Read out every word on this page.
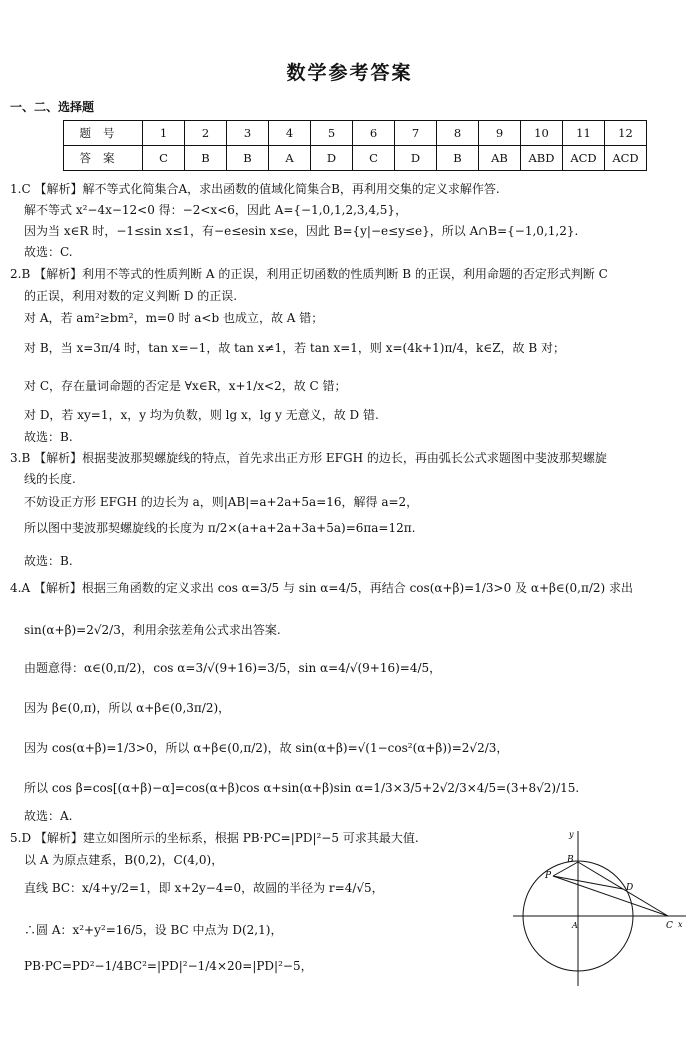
数学参考答案
一、二、选择题
题号	1	2	3	4	5	6	7	8	9	10	11	12
答案	C	B	B	A	D	C	D	B	AB	ABD	ACD	ACD
1.C 【解析】解不等式化简集合A，求出函数的值域化简集合B，再利用交集的定义求解作答.
解不等式 x²−4x−12<0 得：−2<x<6，因此 A={−1,0,1,2,3,4,5}，
因为当 x∈R 时，−1≤sin x≤1，有−e≤esin x≤e，因此 B={y|−e≤y≤e}，所以 A∩B={−1,0,1,2}.
故选：C.
2.B 【解析】利用不等式的性质判断 A 的正误，利用正切函数的性质判断 B 的正误，利用命题的否定形式判断 C
的正误，利用对数的定义判断 D 的正误.
对 A，若 am²≥bm²，m=0 时 a<b 也成立，故 A 错；
对 B，当 x=3π/4 时，tan x=−1，故 tan x≠1，若 tan x=1，则 x=(4k+1)π/4，k∈Z，故 B 对；
对 C，存在量词命题的否定是 ∀x∈R，x+1/x<2，故 C 错；
对 D，若 xy=1，x，y 均为负数，则 lg x，lg y 无意义，故 D 错.
故选：B.
3.B 【解析】根据斐波那契螺旋线的特点，首先求出正方形 EFGH 的边长，再由弧长公式求题图中斐波那契螺旋
线的长度.
不妨设正方形 EFGH 的边长为 a，则|AB|=a+2a+5a=16，解得 a=2，
所以图中斐波那契螺旋线的长度为 π/2×(a+a+2a+3a+5a)=6πa=12π.
故选：B.
4.A 【解析】根据三角函数的定义求出 cos α=3/5 与 sin α=4/5，再结合 cos(α+β)=1/3>0 及 α+β∈(0,π/2) 求出
sin(α+β)=2√2/3，利用余弦差角公式求出答案.
由题意得：α∈(0,π/2)，cos α=3/√(9+16)=3/5，sin α=4/√(9+16)=4/5，
因为 β∈(0,π)，所以 α+β∈(0,3π/2)，
因为 cos(α+β)=1/3>0，所以 α+β∈(0,π/2)，故 sin(α+β)=√(1−cos²(α+β))=2√2/3，
所以 cos β=cos[(α+β)−α]=cos(α+β)cos α+sin(α+β)sin α=1/3×3/5+2√2/3×4/5=(3+8√2)/15.
故选：A.
5.D 【解析】建立如图所示的坐标系，根据 PB·PC=|PD|²−5 可求其最大值.
以 A 为原点建系，B(0,2)，C(4,0)，
直线 BC：x/4+y/2=1，即 x+2y−4=0，故圆的半径为 r=4/√5，
∴圆 A：x²+y²=16/5，设 BC 中点为 D(2,1)，
PB·PC=PD²−1/4BC²=|PD|²−1/4×20=|PD|²−5，
y
B
P
D
A	C x
